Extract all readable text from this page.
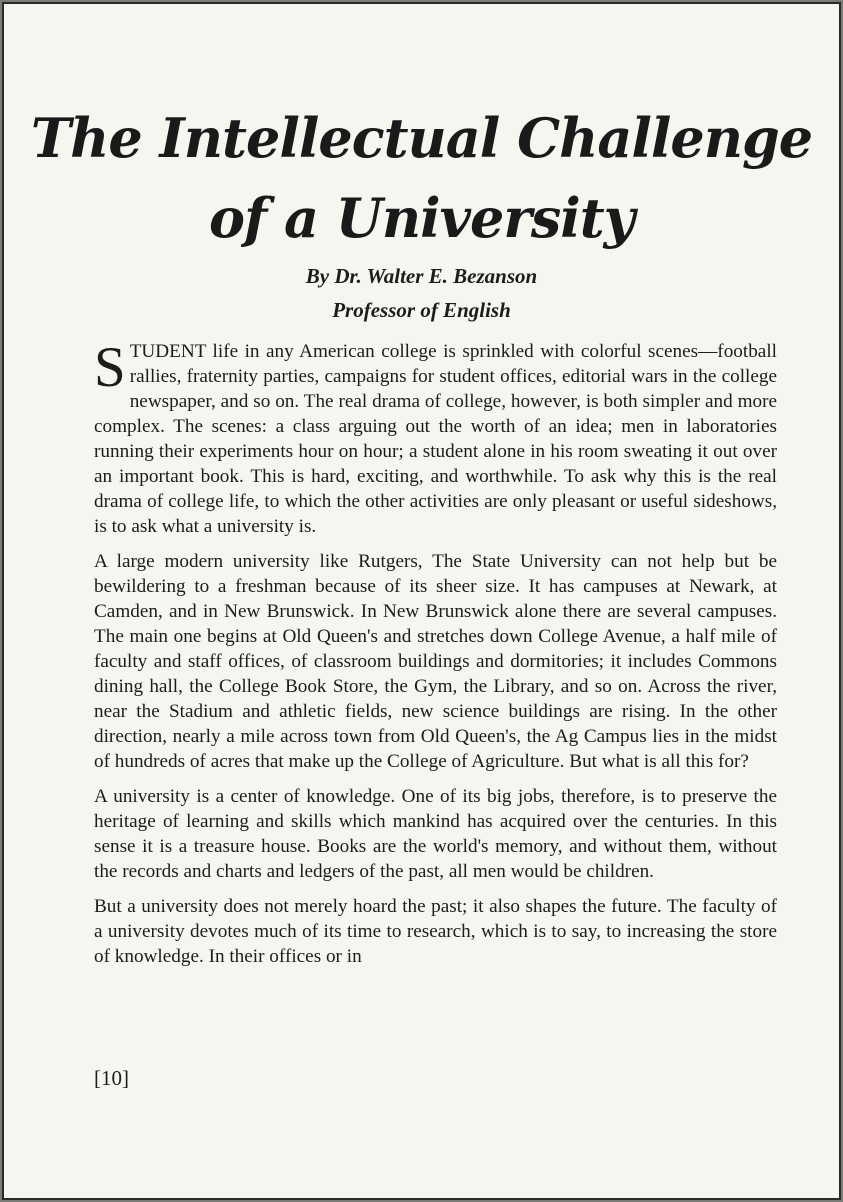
The Intellectual Challenge
of a University

By Dr. Walter E. Bezanson

Professor of English

STUDENT life in any American college is sprinkled with colorful scenes—football rallies, fraternity parties, campaigns for student offices, editorial wars in the college newspaper, and so on. The real drama of college, however, is both simpler and more complex. The scenes: a class arguing out the worth of an idea; men in laboratories running their experiments hour on hour; a student alone in his room sweating it out over an important book. This is hard, exciting, and worthwhile. To ask why this is the real drama of college life, to which the other activities are only pleasant or useful sideshows, is to ask what a university is.

A large modern university like Rutgers, The State University can not help but be bewildering to a freshman because of its sheer size. It has campuses at Newark, at Camden, and in New Brunswick. In New Brunswick alone there are several campuses. The main one begins at Old Queen's and stretches down College Avenue, a half mile of faculty and staff offices, of classroom buildings and dormitories; it includes Commons dining hall, the College Book Store, the Gym, the Library, and so on. Across the river, near the Stadium and athletic fields, new science buildings are rising. In the other direction, nearly a mile across town from Old Queen's, the Ag Campus lies in the midst of hundreds of acres that make up the College of Agriculture. But what is all this for?

A university is a center of knowledge. One of its big jobs, therefore, is to preserve the heritage of learning and skills which mankind has acquired over the centuries. In this sense it is a treasure house. Books are the world's memory, and without them, without the records and charts and ledgers of the past, all men would be children.

But a university does not merely hoard the past; it also shapes the future. The faculty of a university devotes much of its time to research, which is to say, to increasing the store of knowledge. In their offices or in

[10]
